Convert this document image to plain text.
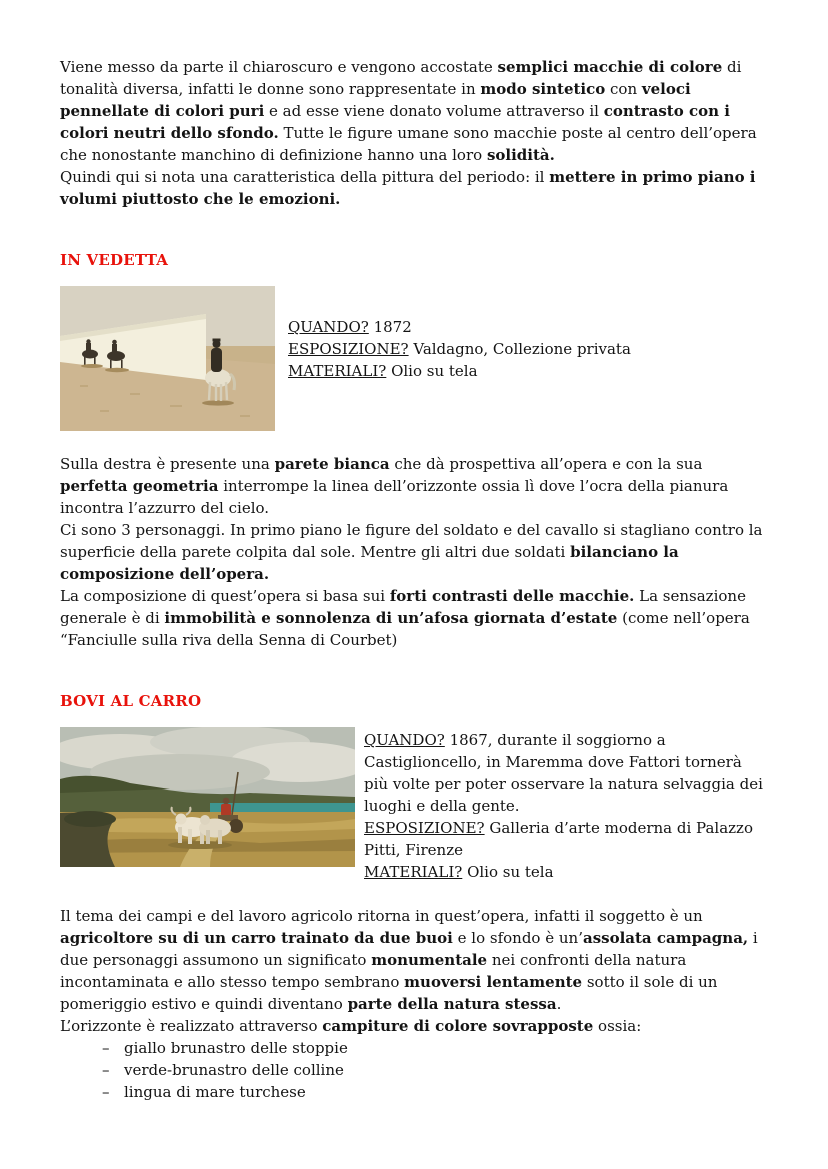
Viene messo da parte il chiaroscuro e vengono accostate semplici macchie di colore di tonalità diversa, infatti le donne sono rappresentate in modo sintetico con veloci pennellate di colori puri e ad esse viene donato volume attraverso il contrasto con i colori neutri dello sfondo. Tutte le figure umane sono macchie poste al centro dell’opera che nonostante manchino di definizione hanno una loro solidità.

Quindi qui si nota una caratteristica della pittura del periodo: il mettere in primo piano i volumi piuttosto che le emozioni.

IN VEDETTA

QUANDO? 1872

ESPOSIZIONE? Valdagno, Collezione privata

MATERIALI? Olio su tela

Sulla destra è presente una parete bianca che dà prospettiva all’opera e con la sua perfetta geometria interrompe la linea dell’orizzonte ossia lì dove l’ocra della pianura incontra l’azzurro del cielo.

Ci sono 3 personaggi. In primo piano le figure del soldato e del cavallo si stagliano contro la superficie della parete colpita dal sole. Mentre gli altri due soldati bilanciano la composizione dell’opera.

La composizione di quest’opera si basa sui forti contrasti delle macchie. La sensazione generale è di immobilità e sonnolenza di un’afosa giornata d’estate (come nell’opera “Fanciulle sulla riva della Senna di Courbet)

BOVI AL CARRO

QUANDO? 1867, durante il soggiorno a Castiglioncello, in Maremma dove Fattori tornerà più volte per poter osservare la natura selvaggia dei luoghi e della gente.

ESPOSIZIONE? Galleria d’arte moderna di Palazzo Pitti, Firenze

MATERIALI? Olio su tela

Il tema dei campi e del lavoro agricolo ritorna in quest’opera, infatti il soggetto è un agricoltore su di un carro trainato da due buoi e lo sfondo è un’assolata campagna, i due personaggi assumono un significato monumentale nei confronti della natura incontaminata e allo stesso tempo sembrano muoversi lentamente sotto il sole di un pomeriggio estivo e quindi diventano parte della natura stessa.

L’orizzonte è realizzato attraverso campiture di colore sovrapposte ossia:

– giallo brunastro delle stoppie
– verde-brunastro delle colline
– lingua di mare turchese
